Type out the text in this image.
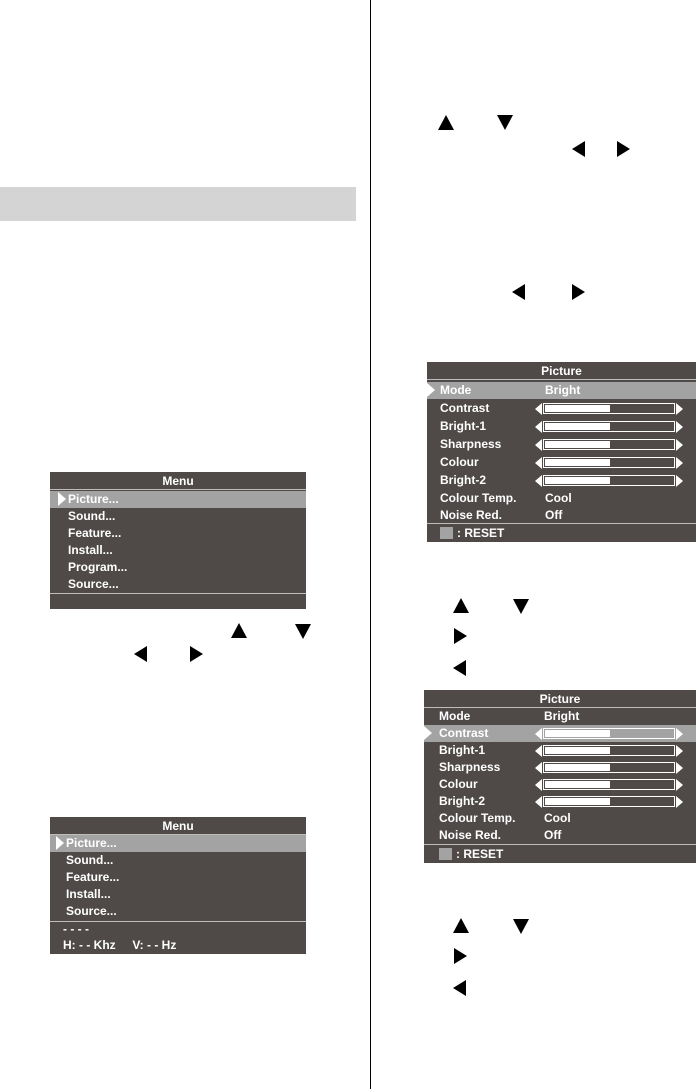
Menu
Picture...
Sound...
Feature...
Install...
Program...
Source...
Menu
Picture...
Sound...
Feature...
Install...
Source...
- - - -
H: - - Khz     V: - - Hz
Picture
Mode	Bright
Contrast
Bright-1
Sharpness
Colour
Bright-2
Colour Temp. Cool
Noise Red.	Off
: RESET
Picture
Mode	Bright
Contrast
Bright-1
Sharpness
Colour
Bright-2
Colour Temp. Cool
Noise Red.	Off
: RESET
